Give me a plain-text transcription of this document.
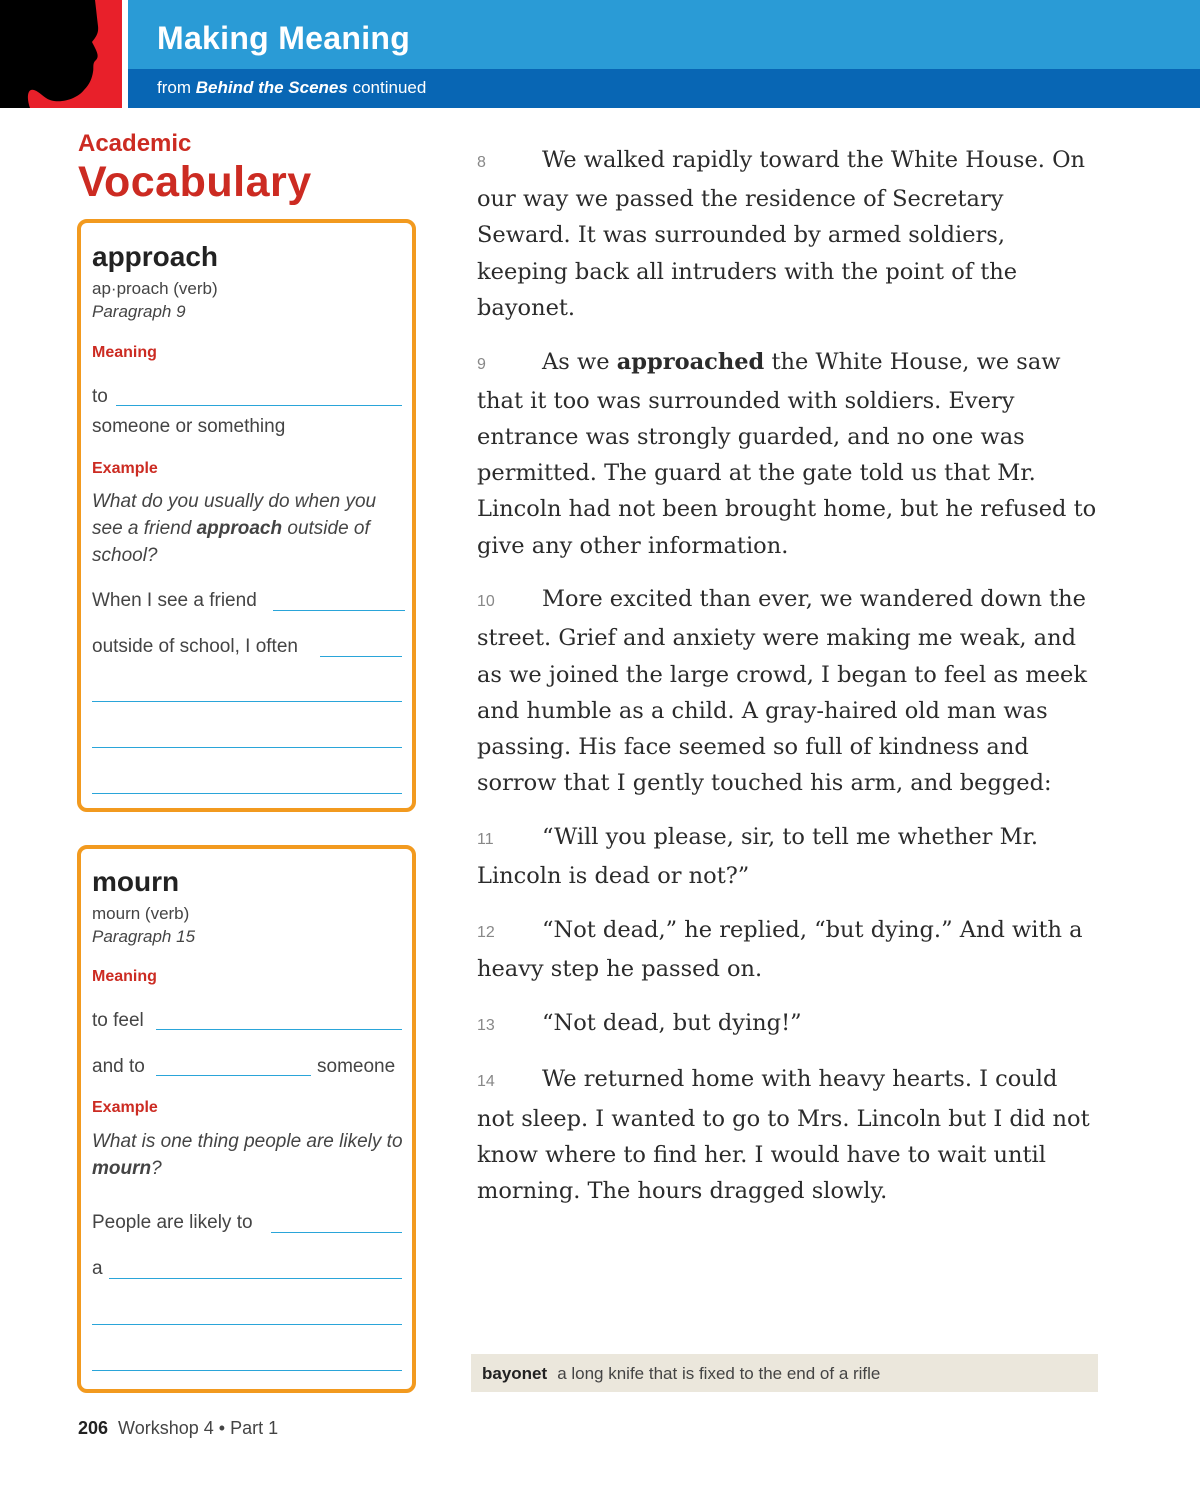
Making Meaning
from Behind the Scenes continued
Academic
Vocabulary
approach
ap·proach (verb)
Paragraph 9
Meaning
to
someone or something
Example
What do you usually do when you see a friend approach outside of school?
When I see a friend
outside of school, I often
mourn
mourn (verb)
Paragraph 15
Meaning
to feel
and to	someone
Example
What is one thing people are likely to mourn?
People are likely to
a

8 We walked rapidly toward the White House. On our way we passed the residence of Secretary Seward. It was surrounded by armed soldiers, keeping back all intruders with the point of the bayonet.

9 As we approached the White House, we saw that it too was surrounded with soldiers. Every entrance was strongly guarded, and no one was permitted. The guard at the gate told us that Mr. Lincoln had not been brought home, but he refused to give any other information.

10 More excited than ever, we wandered down the street. Grief and anxiety were making me weak, and as we joined the large crowd, I began to feel as meek and humble as a child. A gray-haired old man was passing. His face seemed so full of kindness and sorrow that I gently touched his arm, and begged:

11 “Will you please, sir, to tell me whether Mr. Lincoln is dead or not?”

12 “Not dead,” he replied, “but dying.” And with a heavy step he passed on.

13 “Not dead, but dying!”

14 We returned home with heavy hearts. I could not sleep. I wanted to go to Mrs. Lincoln but I did not know where to find her. I would have to wait until morning. The hours dragged slowly.

bayonet a long knife that is fixed to the end of a rifle
206 Workshop 4 • Part 1
